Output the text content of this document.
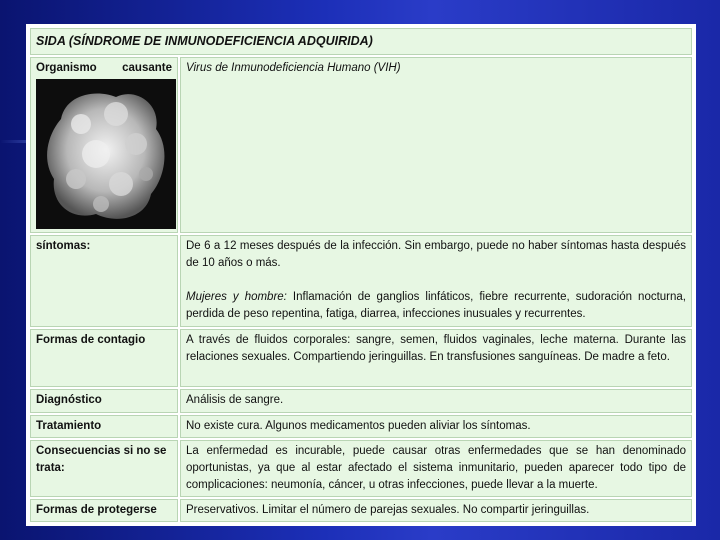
SIDA (SÍNDROME DE INMUNODEFICIENCIA ADQUIRIDA)	

Organismo causante	Virus de Inmunodeficiencia Humano (VIH)
síntomas:	De 6 a 12 meses después de la infección. Sin embargo, puede no haber síntomas hasta después de 10 años o más.

Mujeres y hombre: Inflamación de ganglios linfáticos, fiebre recurrente, sudoración nocturna, perdida de peso repentina, fatiga, diarrea, infecciones inusuales y recurrentes.

Formas de contagio	A través de fluidos corporales: sangre, semen, fluidos vaginales, leche materna. Durante las relaciones sexuales. Compartiendo jeringuillas. En transfusiones sanguíneas. De madre a feto.
Diagnóstico	Análisis de sangre.
Tratamiento	No existe cura. Algunos medicamentos pueden aliviar los síntomas.
Consecuencias si no se trata:	La enfermedad es incurable, puede causar otras enfermedades que se han denominado oportunistas, ya que al estar afectado el sistema inmunitario, pueden aparecer todo tipo de complicaciones: neumonía, cáncer, u otras infecciones, puede llevar a la muerte.
Formas de protegerse	Preservativos. Limitar el número de parejas sexuales. No compartir jeringuillas.
